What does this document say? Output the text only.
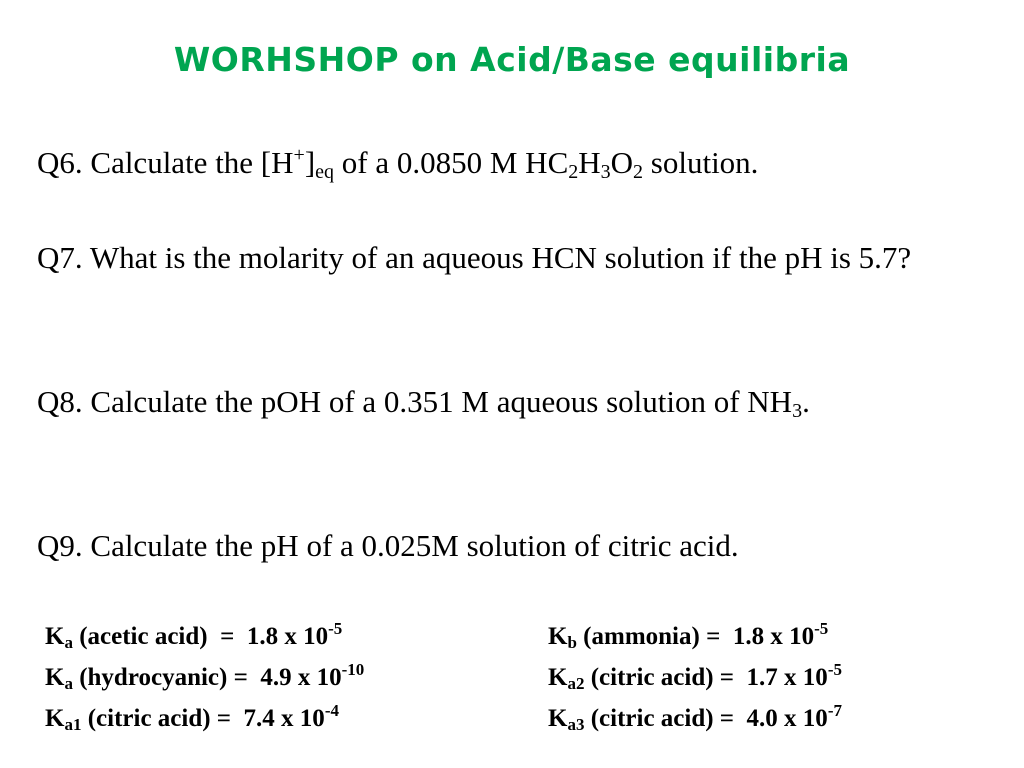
WORHSHOP on Acid/Base equilibria
Q6. Calculate the $[H^+]_{eq}$ of a 0.0850 M $HC_2H_3O_2$ solution.
Q7. What is the molarity of an aqueous HCN solution if the pH is 5.7?
Q8. Calculate the pOH of a 0.351 M aqueous solution of $NH_3$.
Q9. Calculate the pH of a 0.025M solution of citric acid.
$K_a$ (acetic acid)  =  1.8 x $10^{-5}$
$K_a$ (hydrocyanic) =  4.9 x $10^{-10}$
$K_{a1}$ (citric acid) =  7.4 x $10^{-4}$
$K_b$ (ammonia) =  1.8 x $10^{-5}$
$K_{a2}$ (citric acid) =  1.7 x $10^{-5}$
$K_{a3}$ (citric acid) =  4.0 x $10^{-7}$
